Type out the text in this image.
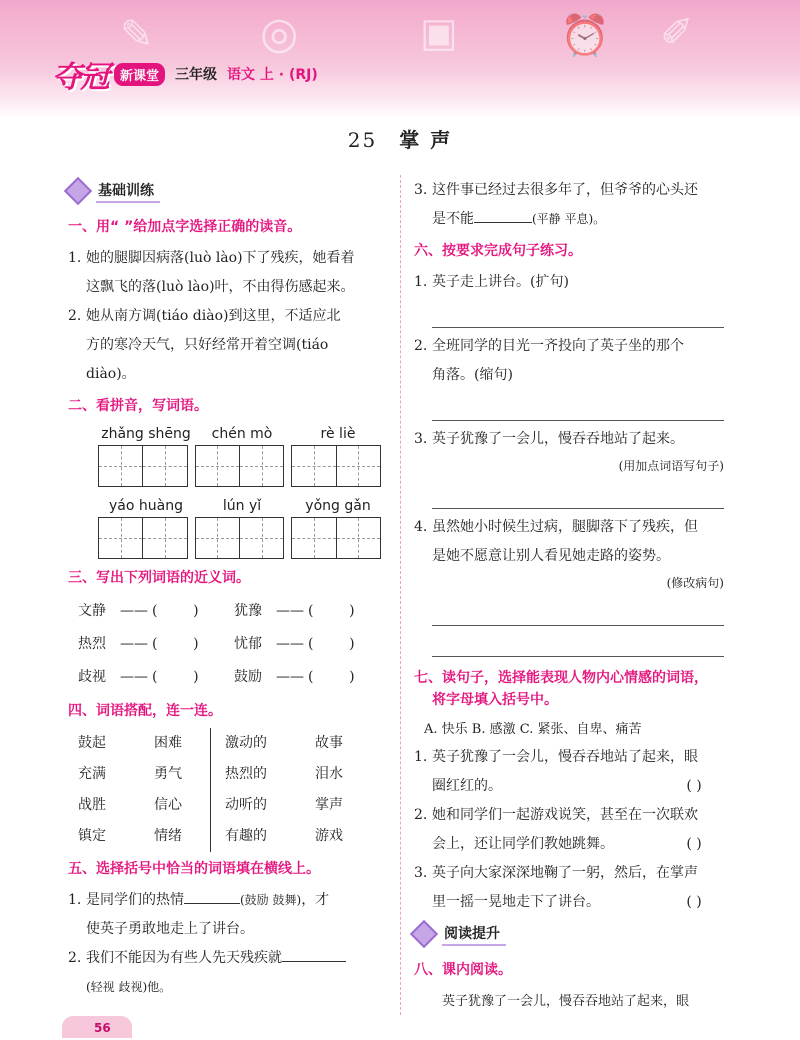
✎ ◎	▣	⏰ ✐
夺冠 新课堂	三年级 语文 上 · (RJ)
25 掌 声
基础训练
一、用“ ”给加点字选择正确的读音。
1. 她的腿脚因病落(luò lào)下了残疾，她看着
这飘飞的落(luò lào)叶，不由得伤感起来。
2. 她从南方调(tiáo diào)到这里，不适应北
方的寒冷天气，只好经常开着空调(tiáo
diào)。
二、看拼音，写词语。
zhǎng shēng	chén mò	rè liè
yáo huàng	lún yǐ	yǒng gǎn
三、写出下列词语的近义词。
文静	—— (        )	犹豫	—— (        )
热烈	—— (        )	忧郁	—— (        )
歧视	—— (        )	鼓励	—— (        )
四、词语搭配，连一连。
鼓起	困难	激动的	故事
充满	勇气	热烈的	泪水
战胜	信心	动听的	掌声
镇定	情绪	有趣的	游戏
五、选择括号中恰当的词语填在横线上。
1. 是同学们的热情	(鼓励 鼓舞)，才
使英子勇敢地走上了讲台。
2. 我们不能因为有些人先天残疾就
(轻视 歧视)他。
3. 这件事已经过去很多年了，但爷爷的心头还
是不能	(平静 平息)。
六、按要求完成句子练习。
1. 英子走上讲台。(扩句)
2. 全班同学的目光一齐投向了英子坐的那个
角落。(缩句)
3. 英子犹豫了一会儿，慢吞吞地站了起来。
(用加点词语写句子)
4. 虽然她小时候生过病，腿脚落下了残疾，但
是她不愿意让别人看见她走路的姿势。
(修改病句)
七、读句子，选择能表现人物内心情感的词语，
将字母填入括号中。
A. 快乐 B. 感激 C. 紧张、自卑、痛苦
1. 英子犹豫了一会儿，慢吞吞地站了起来，眼
圈红红的。	( )
2. 她和同学们一起游戏说笑，甚至在一次联欢
会上，还让同学们教她跳舞。	( )
3. 英子向大家深深地鞠了一躬，然后，在掌声
里一摇一晃地走下了讲台。	( )
阅读提升
八、课内阅读。
英子犹豫了一会儿，慢吞吞地站了起来，眼
56
